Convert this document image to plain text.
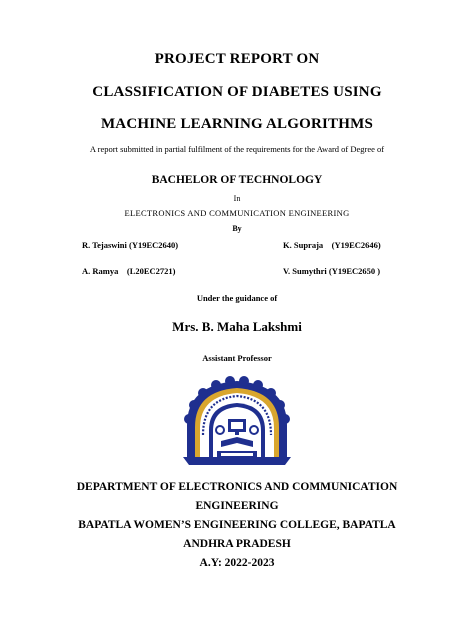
PROJECT REPORT ON
CLASSIFICATION OF DIABETES USING
MACHINE LEARNING ALGORITHMS
A report submitted in partial fulfilment of the requirements for the Award of Degree of
BACHELOR OF TECHNOLOGY
In
ELECTRONICS AND COMMUNICATION ENGINEERING
By
R. Tejaswini (Y19EC2640)	K. Supraja    (Y19EC2646)
A. Ramya    (L20EC2721)	V. Sumythri (Y19EC2650 )
Under the guidance of
Mrs. B. Maha Lakshmi
Assistant Professor
DEPARTMENT OF ELECTRONICS AND COMMUNICATION
ENGINEERING
BAPATLA WOMEN’S ENGINEERING COLLEGE, BAPATLA
ANDHRA PRADESH
A.Y: 2022-2023
